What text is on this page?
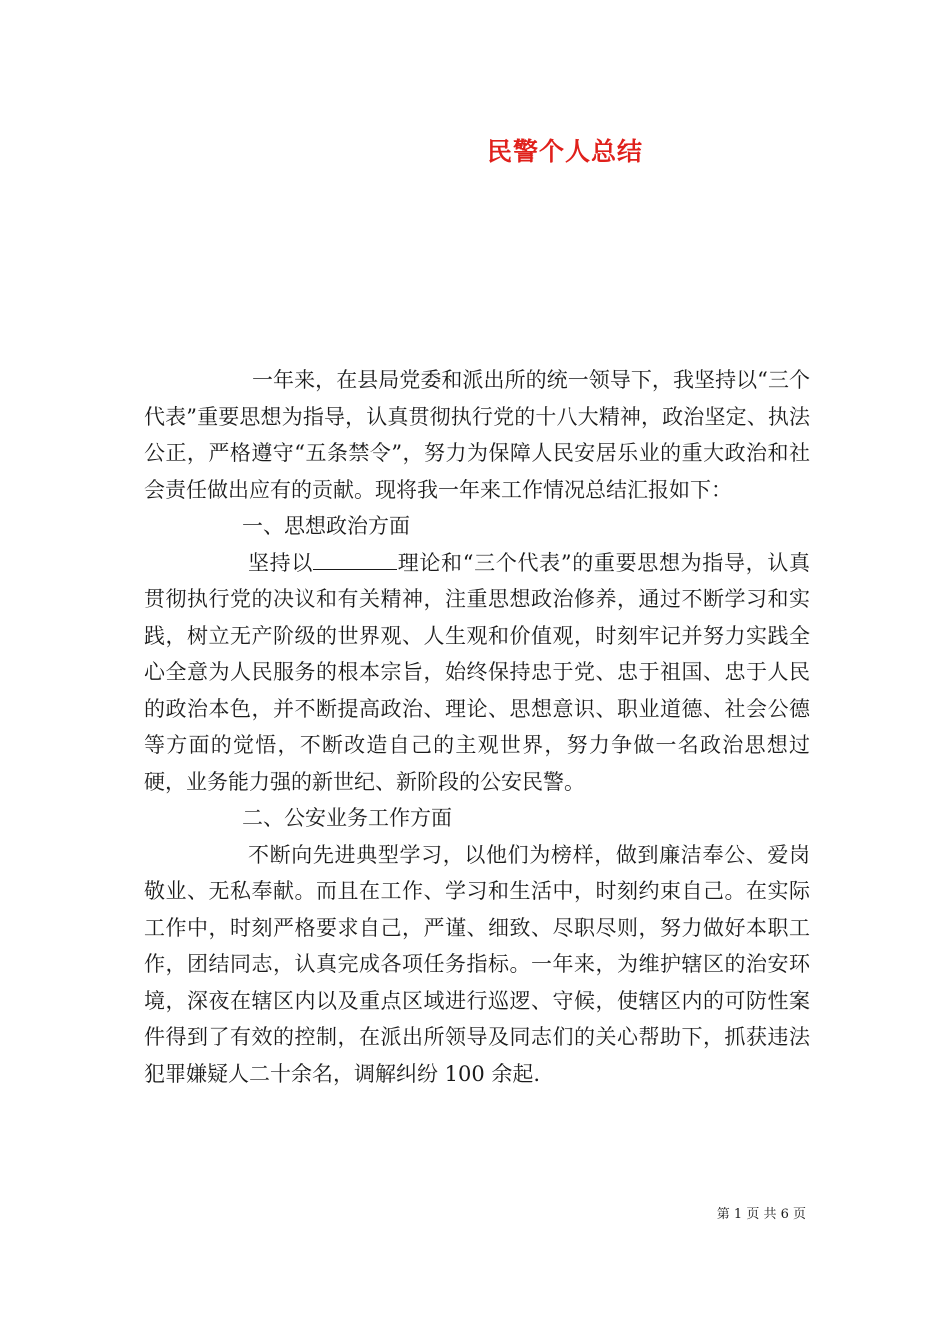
民警个人总结

一年来，在县局党委和派出所的统一领导下，我坚持以“三个代表”重要思想为指导，认真贯彻执行党的十八大精神，政治坚定、执法公正，严格遵守“五条禁令”，努力为保障人民安居乐业的重大政治和社会责任做出应有的贡献。现将我一年来工作情况总结汇报如下：

一、思想政治方面

坚持以	理论和“三个代表”的重要思想为指导，认真贯彻执行党的决议和有关精神，注重思想政治修养，通过不断学习和实践，树立无产阶级的世界观、人生观和价值观，时刻牢记并努力实践全心全意为人民服务的根本宗旨，始终保持忠于党、忠于祖国、忠于人民的政治本色，并不断提高政治、理论、思想意识、职业道德、社会公德等方面的觉悟，不断改造自己的主观世界，努力争做一名政治思想过硬，业务能力强的新世纪、新阶段的公安民警。

二、公安业务工作方面

不断向先进典型学习，以他们为榜样，做到廉洁奉公、爱岗敬业、无私奉献。而且在工作、学习和生活中，时刻约束自己。在实际工作中，时刻严格要求自己，严谨、细致、尽职尽则，努力做好本职工作，团结同志，认真完成各项任务指标。一年来，为维护辖区的治安环境，深夜在辖区内以及重点区域进行巡逻、守候，使辖区内的可防性案件得到了有效的控制，在派出所领导及同志们的关心帮助下，抓获违法犯罪嫌疑人二十余名，调解纠纷 100 余起.

第 1 页 共 6 页
